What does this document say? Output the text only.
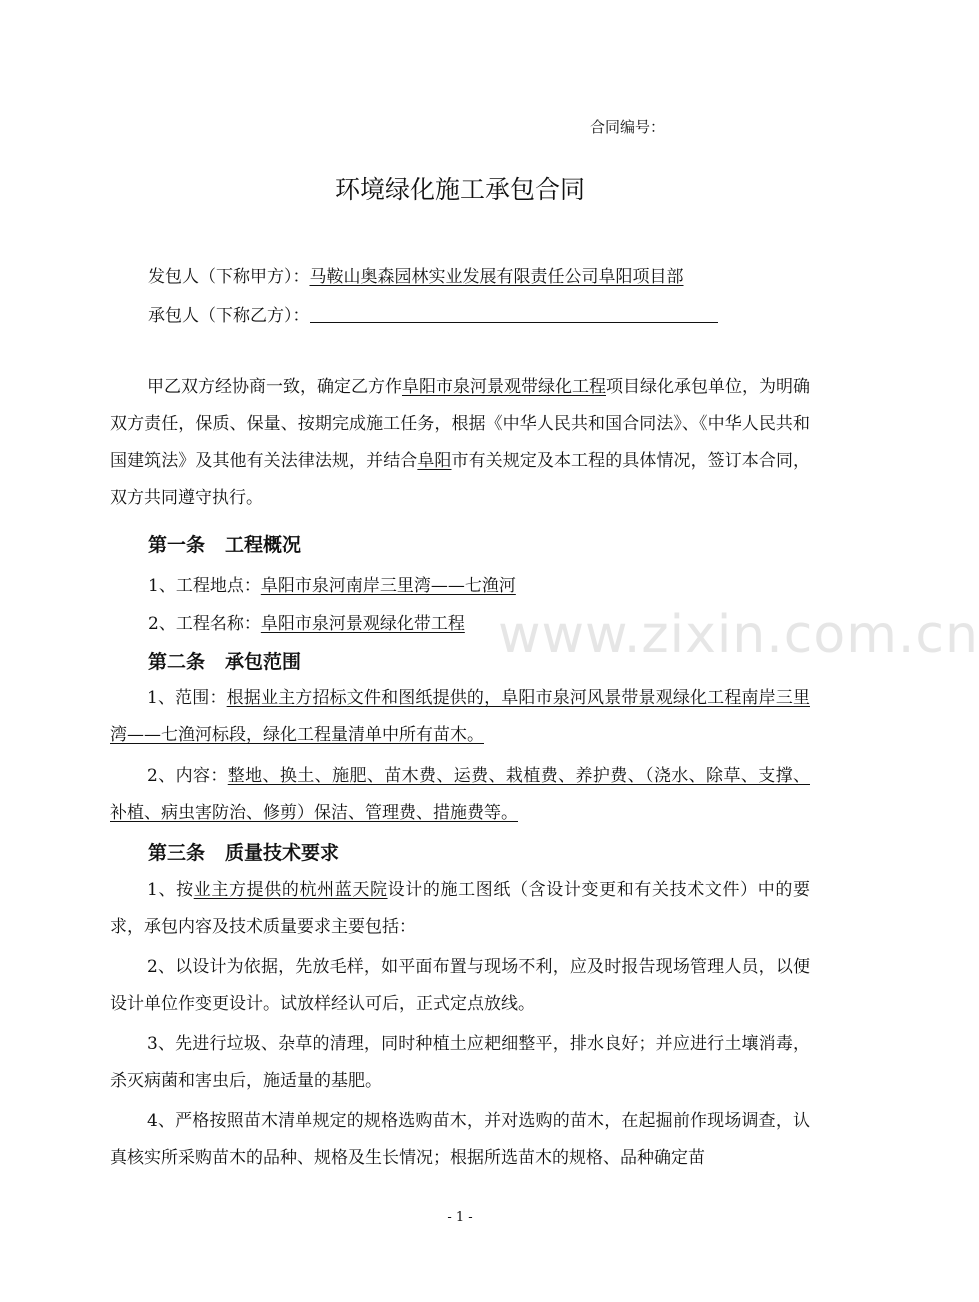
合同编号：
环境绿化施工承包合同
发包人（下称甲方）：马鞍山奥森园林实业发展有限责任公司阜阳项目部
承包人（下称乙方）：

甲乙双方经协商一致，确定乙方作阜阳市泉河景观带绿化工程项目绿化承包单位，为明确双方责任，保质、保量、按期完成施工任务，根据《中华人民共和国合同法》、《中华人民共和国建筑法》及其他有关法律法规，并结合阜阳市有关规定及本工程的具体情况，签订本合同，双方共同遵守执行。

第一条 工程概况
1、工程地点：阜阳市泉河南岸三里湾——七渔河
2、工程名称：阜阳市泉河景观绿化带工程 www.zixin.com.cn
第二条 承包范围

1、范围：根据业主方招标文件和图纸提供的，阜阳市泉河风景带景观绿化工程南岸三里湾——七渔河标段，绿化工程量清单中所有苗木。

2、内容：整地、换土、施肥、苗木费、运费、栽植费、养护费、（浇水、除草、支撑、补植、病虫害防治、修剪）保洁、管理费、措施费等。

第三条 质量技术要求

1、按业主方提供的杭州蓝天院设计的施工图纸（含设计变更和有关技术文件）中的要求，承包内容及技术质量要求主要包括：

2、以设计为依据，先放毛样，如平面布置与现场不利，应及时报告现场管理人员，以便设计单位作变更设计。试放样经认可后，正式定点放线。

3、先进行垃圾、杂草的清理，同时种植土应耙细整平，排水良好；并应进行土壤消毒，杀灭病菌和害虫后，施适量的基肥。

4、严格按照苗木清单规定的规格选购苗木，并对选购的苗木，在起掘前作现场调查，认真核实所采购苗木的品种、规格及生长情况；根据所选苗木的规格、品种确定苗

- 1 -
